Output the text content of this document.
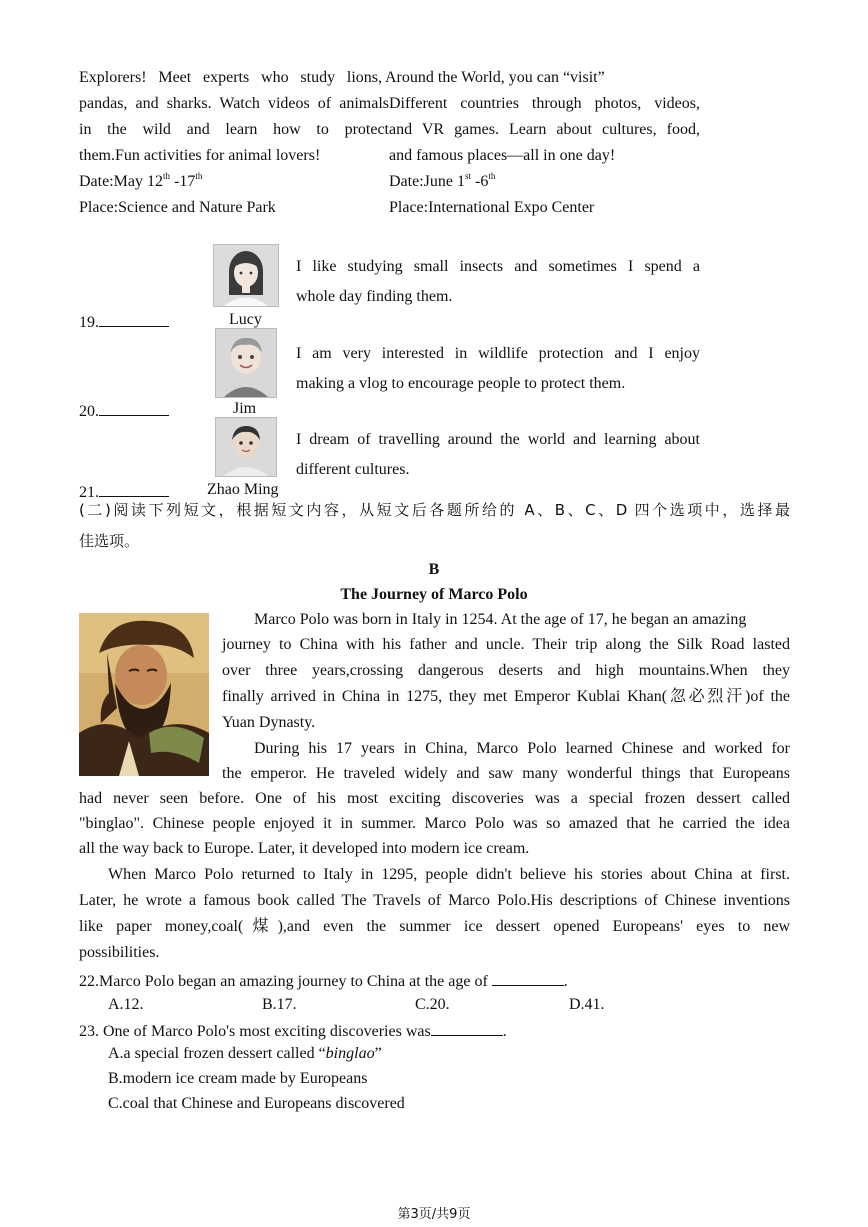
Explorers! Meet experts who study lions,
pandas, and sharks. Watch videos of animals
in the wild and learn how to protect
them.Fun activities for animal lovers!
Date:May 12th -17th
Place:Science and Nature Park
Around the World, you can “visit”
Different countries through photos, videos,
and VR games. Learn about cultures, food,
and famous places—all in one day!
Date:June 1st -6th
Place:International Expo Center
Lucy
19.
I like studying small insects and sometimes I spend a
whole day finding them.
Jim
20.
I am very interested in wildlife protection and I enjoy
making a vlog to encourage people to protect them.
Zhao Ming
21.
I dream of travelling around the world and learning about
different cultures.
(二)阅读下列短文，根据短文内容，从短文后各题所给的 A、B、C、D 四个选项中，选择最
佳选项。
B
The Journey of Marco Polo
Marco Polo was born in Italy in 1254. At the age of 17, he began an amazing
journey to China with his father and uncle. Their trip along the Silk Road lasted
over three years,crossing dangerous deserts and high mountains.When they
finally arrived in China in 1275, they met Emperor Kublai Khan(忽必烈汗)of the
Yuan Dynasty.
During his 17 years in China, Marco Polo learned Chinese and worked for
the emperor. He traveled widely and saw many wonderful things that Europeans
had never seen before. One of his most exciting discoveries was a special frozen dessert called
"binglao". Chinese people enjoyed it in summer. Marco Polo was so amazed that he carried the idea
all the way back to Europe. Later, it developed into modern ice cream.
When Marco Polo returned to Italy in 1295, people didn't believe his stories about China at first.
Later, he wrote a famous book called The Travels of Marco Polo.His descriptions of Chinese inventions
like paper money,coal(煤),and even the summer ice dessert opened Europeans' eyes to new
possibilities.
22.Marco Polo began an amazing journey to China at the age of	.
A.12.	B.17.	C.20.	D.41.
23. One of Marco Polo's most exciting discoveries was	.
A.a special frozen dessert called “binglao”
B.modern ice cream made by Europeans
C.coal that Chinese and Europeans discovered
第3页/共9页
